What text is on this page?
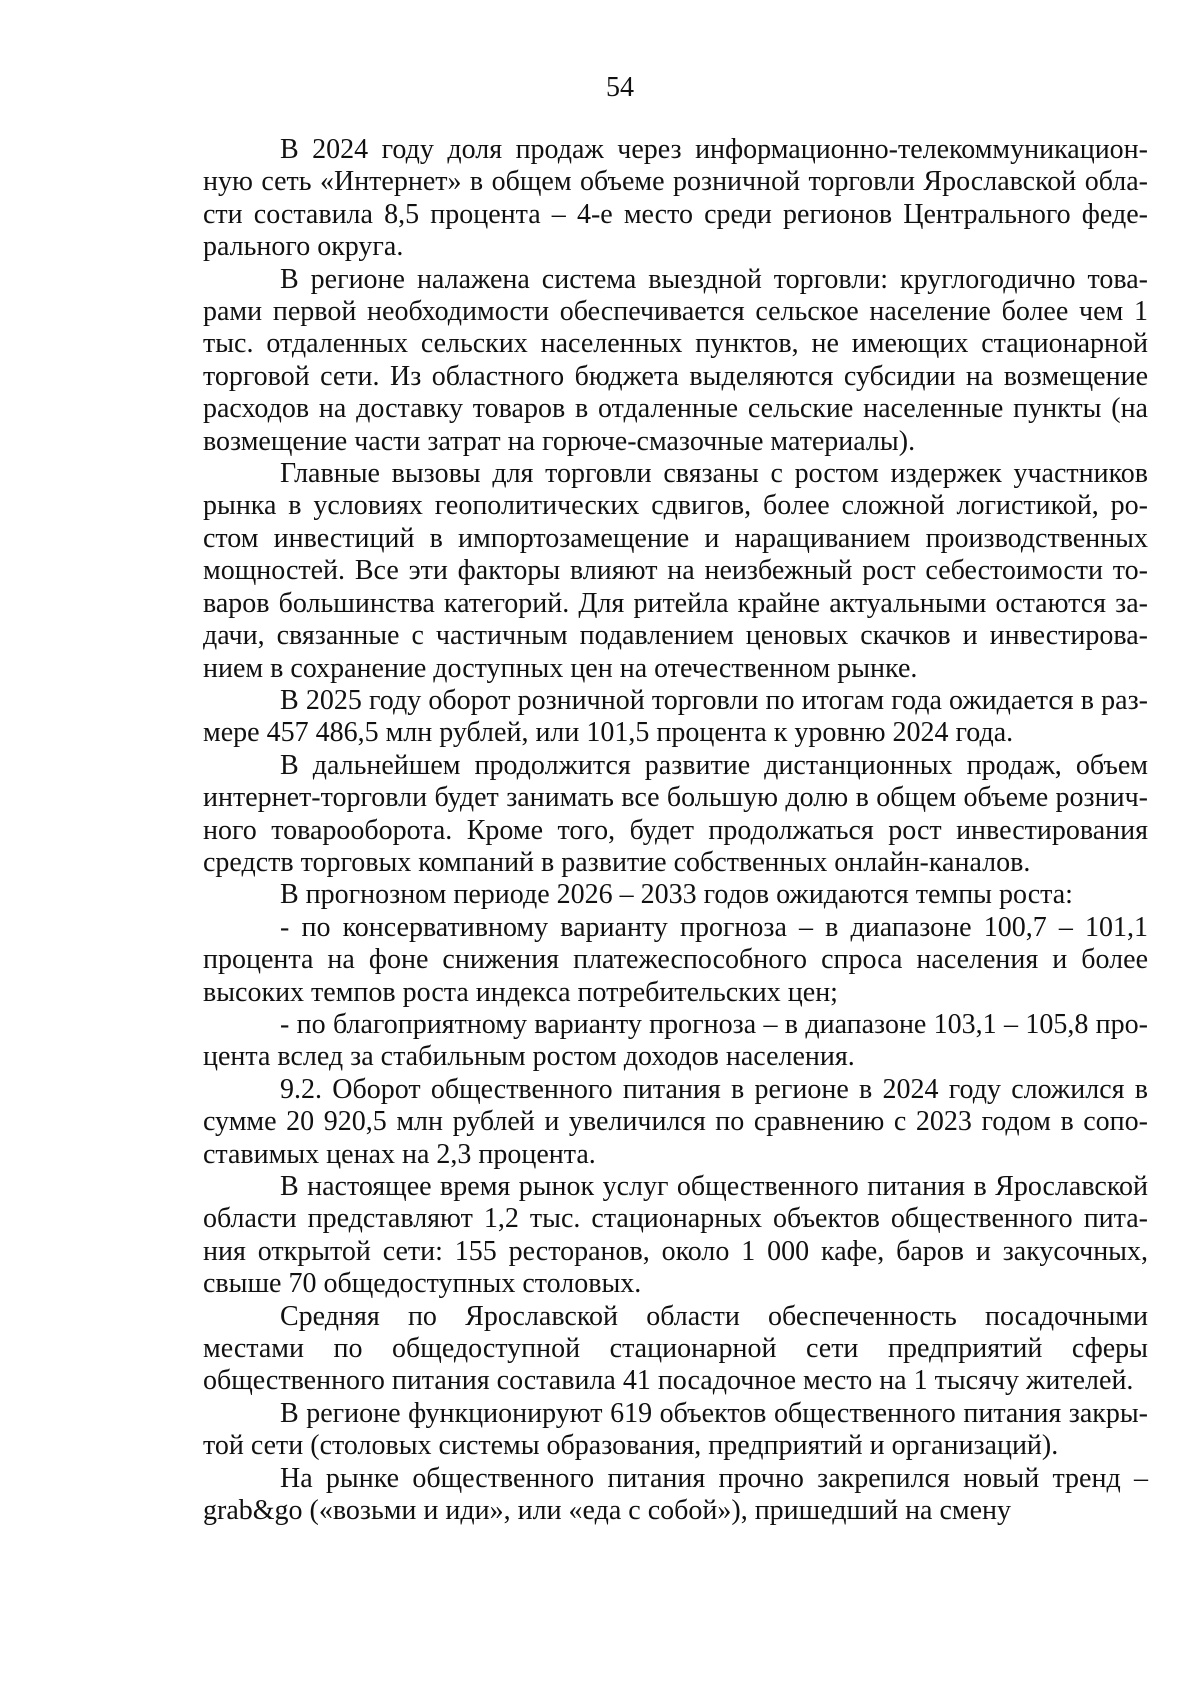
54

В 2024 году доля продаж через информационно-телекоммуникационную сеть «Интернет» в общем объеме розничной торговли Ярославской области составила 8,5 процента – 4-е место среди регионов Центрального федерального округа.

В регионе налажена система выездной торговли: круглогодично товарами первой необходимости обеспечивается сельское население более чем 1 тыс. отдаленных сельских населенных пунктов, не имеющих стационарной торговой сети. Из областного бюджета выделяются субсидии на возмещение расходов на доставку товаров в отдаленные сельские населенные пункты (на возмещение части затрат на горюче-смазочные материалы).

Главные вызовы для торговли связаны с ростом издержек участников рынка в условиях геополитических сдвигов, более сложной логистикой, ростом инвестиций в импортозамещение и наращиванием производственных мощностей. Все эти факторы влияют на неизбежный рост себестоимости товаров большинства категорий. Для ритейла крайне актуальными остаются задачи, связанные с частичным подавлением ценовых скачков и инвестированием в сохранение доступных цен на отечественном рынке.

В 2025 году оборот розничной торговли по итогам года ожидается в размере 457 486,5 млн рублей, или 101,5 процента к уровню 2024 года.

В дальнейшем продолжится развитие дистанционных продаж, объем интернет-торговли будет занимать все большую долю в общем объеме розничного товарооборота. Кроме того, будет продолжаться рост инвестирования средств торговых компаний в развитие собственных онлайн-каналов.

В прогнозном периоде 2026 – 2033 годов ожидаются темпы роста:

- по консервативному варианту прогноза – в диапазоне 100,7 – 101,1 процента на фоне снижения платежеспособного спроса населения и более высоких темпов роста индекса потребительских цен;

- по благоприятному варианту прогноза – в диапазоне 103,1 – 105,8 процента вслед за стабильным ростом доходов населения.

9.2. Оборот общественного питания в регионе в 2024 году сложился в сумме 20 920,5 млн рублей и увеличился по сравнению с 2023 годом в сопоставимых ценах на 2,3 процента.

В настоящее время рынок услуг общественного питания в Ярославской области представляют 1,2 тыс. стационарных объектов общественного питания открытой сети: 155 ресторанов, около 1 000 кафе, баров и закусочных, свыше 70 общедоступных столовых.

Средняя по Ярославской области обеспеченность посадочными местами по общедоступной стационарной сети предприятий сферы общественного питания составила 41 посадочное место на 1 тысячу жителей.

В регионе функционируют 619 объектов общественного питания закрытой сети (столовых системы образования, предприятий и организаций).

На рынке общественного питания прочно закрепился новый тренд – grab&go («возьми и иди», или «еда с собой»), пришедший на смену
